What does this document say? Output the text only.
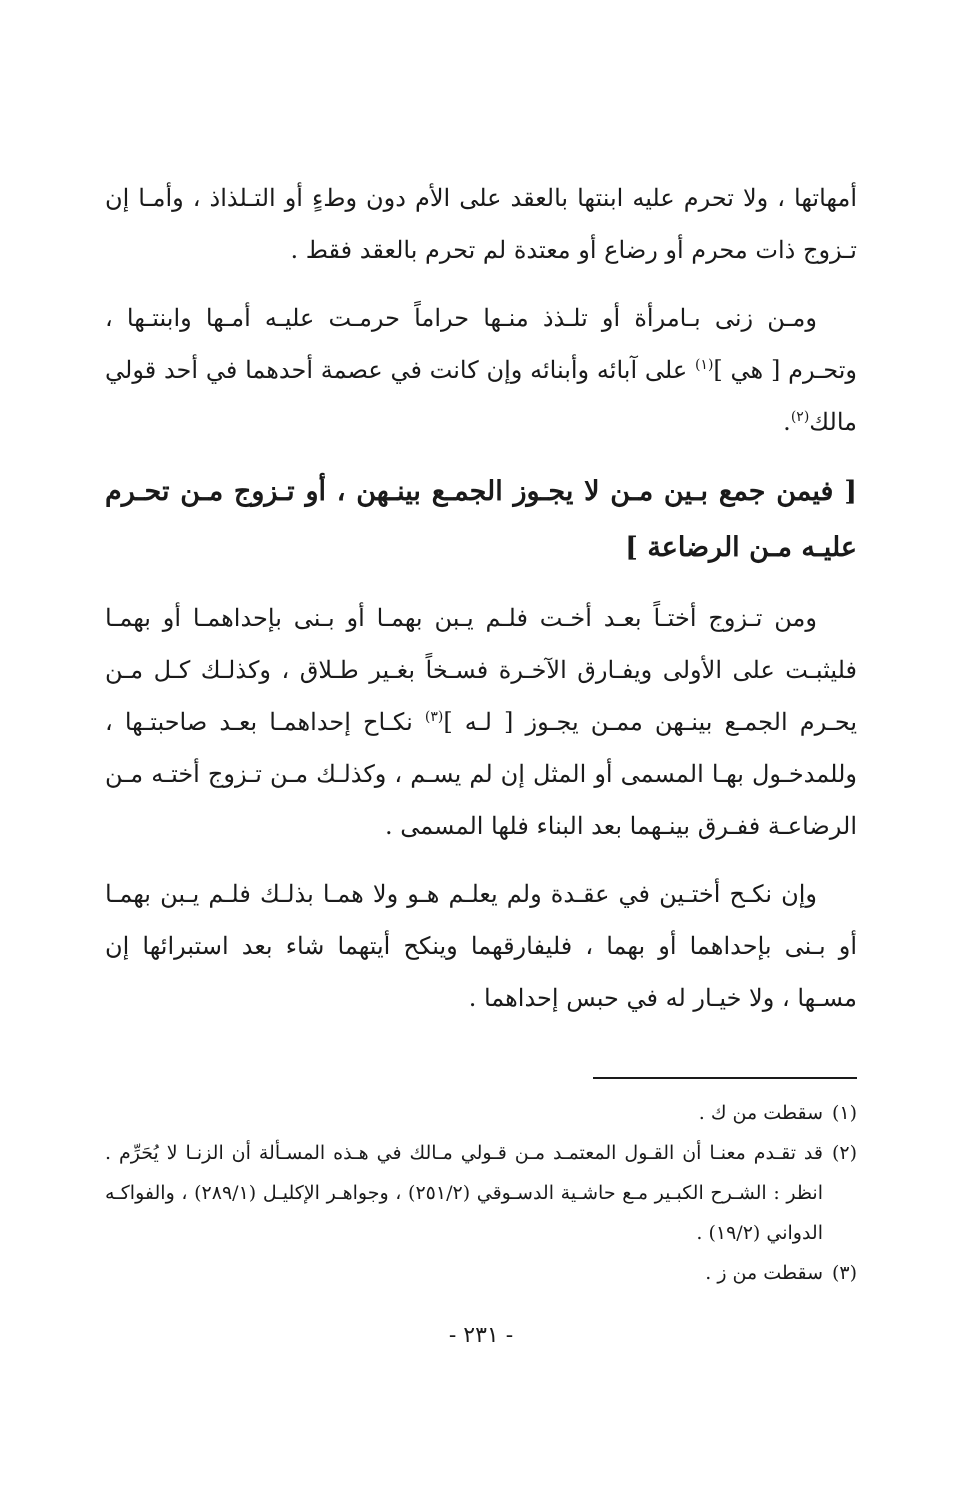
أمهاتها ، ولا تحرم عليه ابنتها بالعقد على الأم دون وطءٍ أو التـلذاذ ، وأمـا إن تـزوج ذات محرم أو رضاع أو معتدة لم تحرم بالعقد فقط .

ومـن زنى بـامرأة أو تلـذذ منـها حراماً حرمـت عليـه أمـها وابنتـها ، وتحـرم [ هي ]$^{(١)}$ على آبائه وأبنائه وإن كانت في عصمة أحدهما في أحد قولي مالك$^{(٢)}$.

[ فيمن جمع بـين مـن لا يجـوز الجمـع بينـهن ، أو تـزوج مـن تحـرم عليـه مـن الرضاعة ]

ومن تـزوج أختـاً بعـد أخـت فلـم يـبن بهمـا أو بـنى بإحداهمـا أو بهمـا فليثبـت على الأولى ويفـارق الآخـرة فسـخاً بغـير طـلاق ، وكذلـك كـل مـن يحـرم الجمـع بينـهن ممـن يجـوز [ لـه ]$^{(٣)}$ نكـاح إحداهمـا بعـد صاحبتـها ، وللمدخـول بهـا المسمى أو المثل إن لم يسـم ، وكذلـك مـن تـزوج أختـه مـن الرضاعـة ففـرق بينـهما بعد البناء فلها المسمى .

وإن نكـح أختـين في عقـدة ولم يعلـم هـو ولا همـا بذلـك فلـم يـبن بهمـا أو بـنى بإحداهما أو بهما ، فليفارقهما وينكح أيتهما شاء بعد استبرائها إن مسـها ، ولا خيـار له في حبس إحداهما .

(١)
سقطت من ك .
(٢)
قد تقـدم معنـا أن القـول المعتمـد مـن قـولي مـالك في هـذه المسـألة أن الزنـا لا يُحَرِّم . انظر : الشـرح الكبـير مـع حاشـية الدسـوقي (٢٥١/٢) ، وجواهـر الإكليـل (٢٨٩/١) ، والفواكـه الدواني (١٩/٢) .
(٣)
سقطت من ز .
- ٢٣١ -
